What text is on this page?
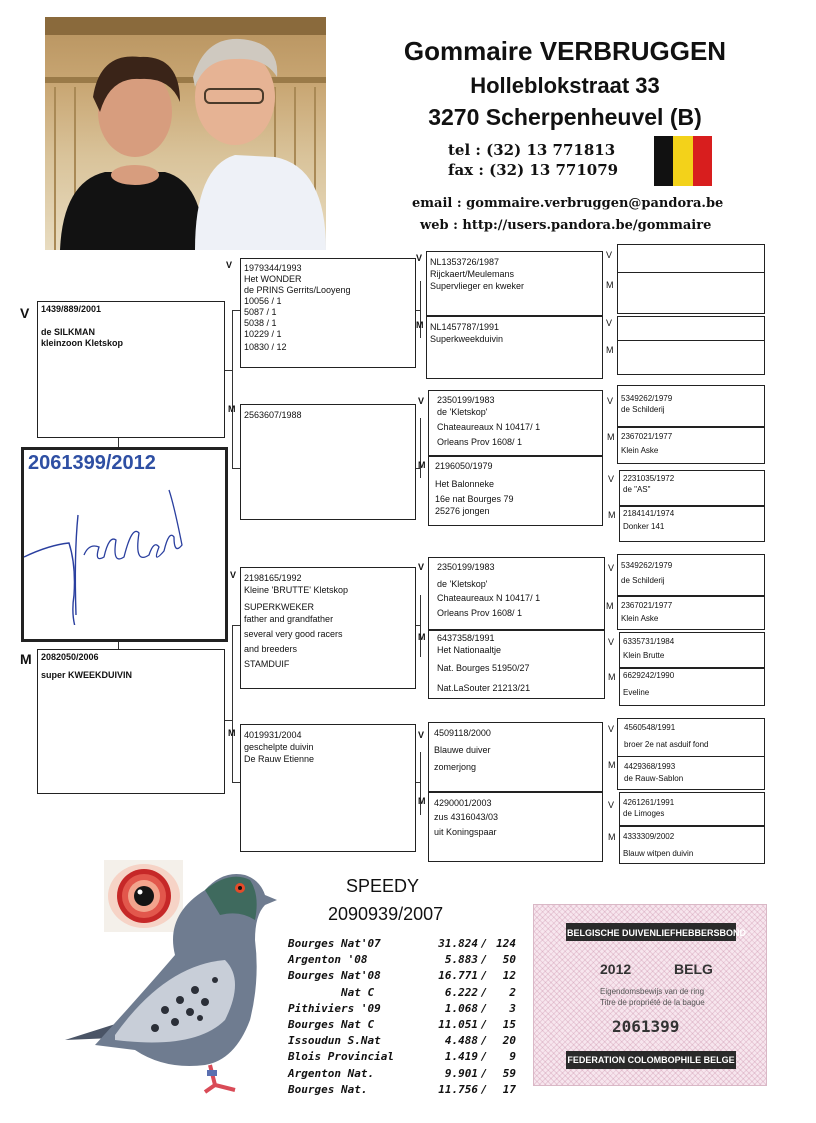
Gommaire VERBRUGGEN
Holleblokstraat 33
3270 Scherpenheuvel (B)
tel : (32) 13 771813
fax : (32) 13 771079
email : gommaire.verbruggen@pandora.be
web : http://users.pandora.be/gommaire
V 1439/889/2001
de SILKMAN
kleinzoon Kletskop
2061399/2012
M 2082050/2006
super KWEEKDUIVIN
V 1979344/1993
Het WONDER
de PRINS Gerrits/Looyeng
10056 / 1
5087 / 1
5038 / 1
10229 / 1
10830 / 12
M
2563607/1988
V 2198165/1992
Kleine 'BRUTTE' Kletskop
SUPERKWEKER
father and grandfather
several very good racers
and breeders
STAMDUIF
M 4019931/2004
geschelpte duivin
De Rauw Etienne
V NL1353726/1987
Rijckaert/Meulemans
Supervlieger en kweker
M NL1457787/1991
Superkweekduivin
V 2350199/1983
de 'Kletskop'
Chateaureaux N 10417/ 1
Orleans Prov 1608/ 1
M 2196050/1979
Het Balonneke
16e nat Bourges 79
25276 jongen
V 2350199/1983
de 'Kletskop'
Chateaureaux N 10417/ 1
Orleans Prov 1608/ 1
M 6437358/1991
Het Nationaaltje
Nat. Bourges 51950/27
Nat.LaSouter 21213/21
V 4509118/2000
Blauwe duiver
zomerjong
M 4290001/2003
zus 4316043/03
uit Koningspaar
V
M
V
M
V 5349262/1979
de Schilderij
M 2367021/1977
Klein Aske
V 2231035/1972
de "AS"
M 2184141/1974
Donker 141
V 5349262/1979
de Schilderij
M 2367021/1977
Klein Aske
V 6335731/1984
Klein Brutte
M 6629242/1990
Eveline
V 4560548/1991
broer 2e nat asduif fond
M 4429368/1993
de Rauw-Sablon
V 4261261/1991
de Limoges
M 4333309/2002
Blauw witpen duivin
SPEEDY
2090939/2007
Bourges Nat'07	31.824 / 124
Argenton '08	5.883 /	50
Bourges Nat'08	16.771 /	12
Nat C	6.222 /	2
Pithiviers '09	1.068 /	3
Bourges Nat C	11.051 /	15
Issoudun S.Nat	4.488 /	20
Blois Provincial	1.419 /	9
Argenton Nat.	9.901 /	59
Bourges Nat.	11.756 /	17
BELGISCHE DUIVENLIEFHEBBERSBOND
2012	BELG
Eigendomsbewijs van de ring
Titre de propriété de la bague
2061399
FEDERATION COLOMBOPHILE BELGE
